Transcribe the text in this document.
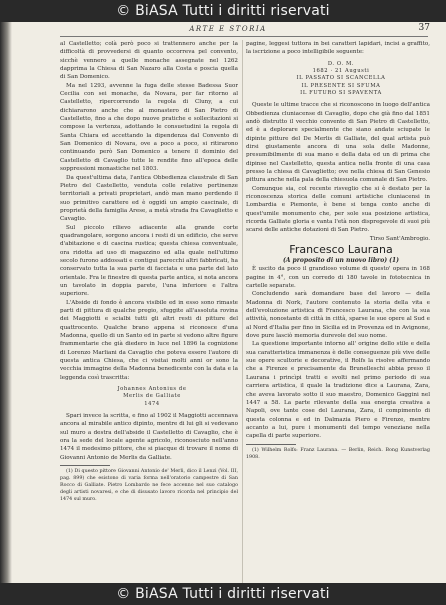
© BiASA Tutti i diritti riservati
ARTE E STORIA	37

al Castelletto; colà però poco si trattennero anche per la difficoltà di provvedersi di quanto occorreva pel convento, sicchè vennero a quelle monache assegnate nel 1262 dapprima la Chiesa di San Nazaro alla Costa e poscia quella di San Domenico.

Ma nel 1293, avvenne la fuga delle stesse Badessa Suor Cecilia con sei monache, da Novara, per far ritorno al Castelletto, ripercorrendo la regola di Cluny, a cui dichiararono anche che al monastero di San Pietro di Castelletto, fino a che dopo nuove pratiche e sollecitazioni si compose la vertenza, adottando le consuetudini la regola di Santa Chiara ed accettando la dipendenza dal Convento di San Domenico di Novara, ove a poco a poco, si ritirarono continuando però San Domenico a tenere il dominio del Castelletto di Cavaglio tutte le rendite fino all'epoca delle soppressioni monastiche nel 1803.

Da quest'ultima data, l'antica Obbedienza claustrale di San Pietro del Castelletto, venduta colle relative pertinenze territoriali a privati proprietari, andò man mano perdendo il suo primitivo carattere ed è oggidì un ampio cascinale, di proprietà della famiglia Arese, a metà strada fra Cavaglietto e Cavaglio.

Sul piccolo rilievo adiacente alla grande corte quadrangolare, sorgono ancora i resti di un edificio, che serve d'abitazione e di cascina rustica; questa chiesa conventuale, ora ridotta ad uso di magazzino ed alla quale nell'ultimo secolo furono addossati e contigui parecchi altri fabbricati, ha conservato tutta la sua parte di facciata e una parte del lato orientale. Fra le finestre di questa parte antica, si nota ancora un tavolato in doppia parete, l'una inferiore e l'altra superiore.

L'Abside di fondo è ancora visibile ed in esso sono rimaste parti di pittura di qualche pregio, sfuggite all'assoluta rovina dei Maggiotti e scialbi tutti gli altri resti di pitture del quattrocento. Qualche brano appena si riconosce d'una Madonna, quello di un Santo ed in parte si vedono altre figure frammentarie che già diedero in luce nel 1896 la cognizione di Lorenzo Marliani da Cavaglio che poteva essere l'autore di questa antica Chiesa, che ci visitai molti anni or sono la vecchia immagine della Madonna benedicente con la data e la leggenda così trascritta:

Johannes Antonius de

Merlis de Galliate

1474

Spari invece la scritta, e fino al 1902 il Maggiotti accennava ancora al mirabile antico dipinto, mentre di lui gli si vedevano sul muro a destra dell'abside il Castelletto di Cavaglio, che è ora la sede del locale agente agricolo, riconosciuto nell'anno 1474 il medesimo pittore, che si piacque di trovare il nome di Giovanni Antonio de Merlis da Galliate.

(1) Di questo pittore Giovanni Antonio de' Merli, dico il Lenzi (Vol. III, pag. 899) che esistono di varia forma nell'oratorio campestre di San Rocco di Galliate. Pietro Lombardo ne fece accenno nel suo catalogo degli artisti novaresi, e che di disusato lavoro ricorda nel principio del 1474 sul muro.

pagine, leggesi tuttora in bei caratteri lapidari, incisi a graffito, la iscrizione a poco intelligibile seguente:

D. O. M.

1682 · 21 Augusti

IL PASSATO SI SCANCELLA

IL PRESENTE SI SFUMA

IL FUTURO SI SPAVENTA

Queste le ultime tracce che si riconoscono in luogo dell'antica Obbedienza cluniacense di Cavaglio, dopo che già fino dal 1851 andò distrutto il vecchio convento di San Pietro di Castelletto, ed è a deplorare specialmente che siano andate sciupate le dipinte pitture del De Merlis di Galliate, del qual artista può dirsi giustamente ancora di una sola delle Madonne, presumibilmente di sua mano e della data ed un di prima che dipinse nel Castelletto, questa antica nella fronte di una casa presso la chiesa di Cavaglietto; ove nella chiesa di San Genesio pittura anche nella pala della chiesuola comunale di San Pietro.

Comunque sia, col recente risveglio che si è destato per la riconoscenza storica delle comuni artistiche cluniacensi in Lombardia e Piemonte, è bene si tenga conto anche di quest'umile monumento che, per sole sua posizione artistica, ricorda Galliate gloria e vanta l'età non dispregevole di suoi più scarsi delle antiche dotazioni di San Pietro.

Tirso Sant'Ambrogio.

Francesco Laurana

(A proposito di un nuovo libro) (1)

È uscito da poco il grandioso volume di questo' opera in 168 pagine in 4°, con un corredo di 180 tavole in fototecnica in cartelle separate.

Concludendo sarà domandare base del lavoro — della Madonna di Nork, l'autore contenuto la storia della vita e dell'evoluzione artistica di Francesco Laurana, che con la sua attività, nonostante di città in città, sparse le sue opere al Sud e al Nord d'Italia per fino in Sicilia ed in Provenza ed in Avignone, dove pure lasciò memoria durevole del suo nome.

La questione importante intorno all' origine dello stile e della sua caratteristica immanenza è delle conseguenze più vive delle sue opere scultorie e decorative, il Rolfs la risolve affermando che a Firenze e precisamente da Brunelleschi abbia preso il Laurana i princìpi tratti e svolti nel primo periodo di sua carriera artistica, il quale la tradizione dice a Laurana, Zara, che aveva lavorato sotto il suo maestro, Domenico Gaggini nel 1447 a 58. La parte rilevante della sua energia creativa a Napoli, ove tante cose del Laurana, Zara, il compimento di questa colonna e ed in Dalmazia Piero e Firenze, mentre accanto a lui, pure i monumenti del tempo veneziane nella capella di parte superiore.

(1) Wilhelm Rolfs: Franz Laurana. — Berlin, Reich. Bong Kunstverlag 1908.

© BiASA Tutti i diritti riservati
